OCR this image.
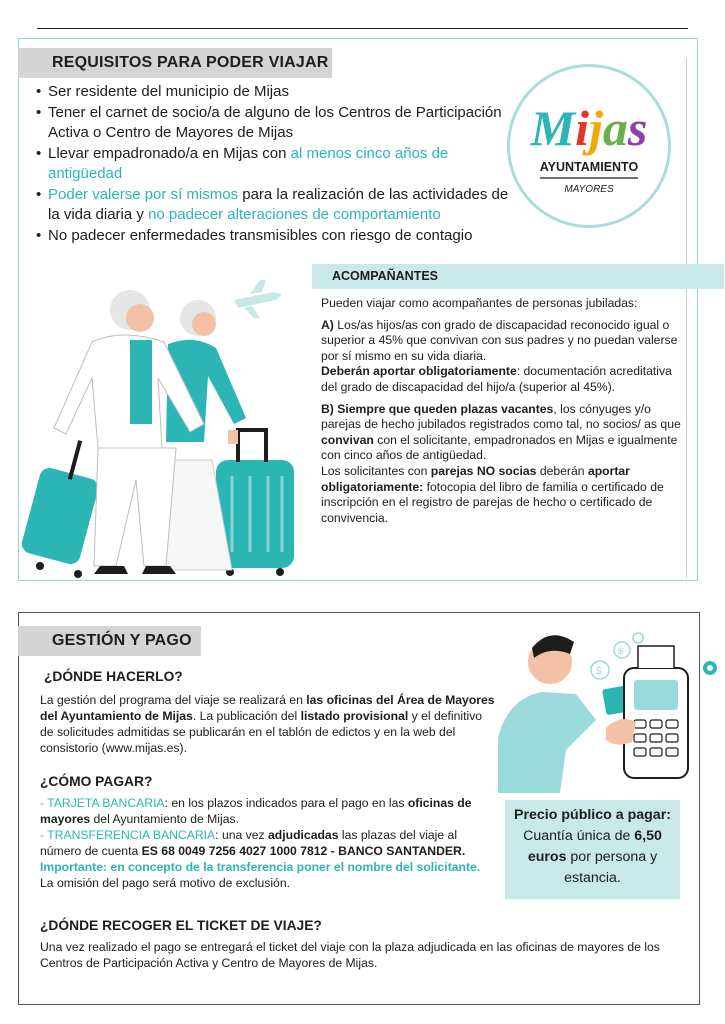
REQUISITOS PARA PODER VIAJAR
• Ser residente del municipio de Mijas
• Tener el carnet de socio/a de alguno de los Centros de Participación Activa o Centro de Mayores de Mijas
• Llevar empadronado/a en Mijas con al menos cinco años de antigüedad
• Poder valerse por sí mismos para la realización de las actividades de la vida diaria y no padecer alteraciones de comportamiento
• No padecer enfermedades transmisibles con riesgo de contagio
Mijas
AYUNTAMIENTO
MAYORES
ACOMPAÑANTES

Pueden viajar como acompañantes de personas jubiladas:

A) Los/as hijos/as con grado de discapacidad reconocido igual o superior a 45% que convivan con sus padres y no puedan valerse por sí mismo en su vida diaria.
Deberán aportar obligatoriamente: documentación acreditativa del grado de discapacidad del hijo/a (superior al 45%).

B) Siempre que queden plazas vacantes, los cónyuges y/o parejas de hecho jubilados registrados como tal, no socios/ as que convivan con el solicitante, empadronados en Mijas e igualmente con cinco años de antigüedad.

Los solicitantes con parejas NO socias deberán aportar obligatoriamente: fotocopia del libro de familia o certificado de inscripción en el registro de parejas de hecho o certificado de convivencia.

GESTIÓN Y PAGO
¿DÓNDE HACERLO?
La gestión del programa del viaje se realizará en las oficinas del Área de Mayores del Ayuntamiento de Mijas. La publicación del listado provisional y el definitivo de solicitudes admitidas se publicarán en el tablón de edictos y en la web del consistorio (www.mijas.es).
¿CÓMO PAGAR?
- TARJETA BANCARIA: en los plazos indicados para el pago en las oficinas de mayores del Ayuntamiento de Mijas.
- TRANSFERENCIA BANCARIA: una vez adjudicadas las plazas del viaje al número de cuenta ES 68 0049 7256 4027 1000 7812 - BANCO SANTANDER.
Importante: en concepto de la transferencia poner el nombre del solicitante.
La omisión del pago será motivo de exclusión.
¿DÓNDE RECOGER EL TICKET DE VIAJE?
Una vez realizado el pago se entregará el ticket del viaje con la plaza adjudicada en las oficinas de mayores de los Centros de Participación Activa y Centro de Mayores de Mijas.
$
$
Precio público a pagar:
Cuantía única de 6,50
euros por persona y estancia.
